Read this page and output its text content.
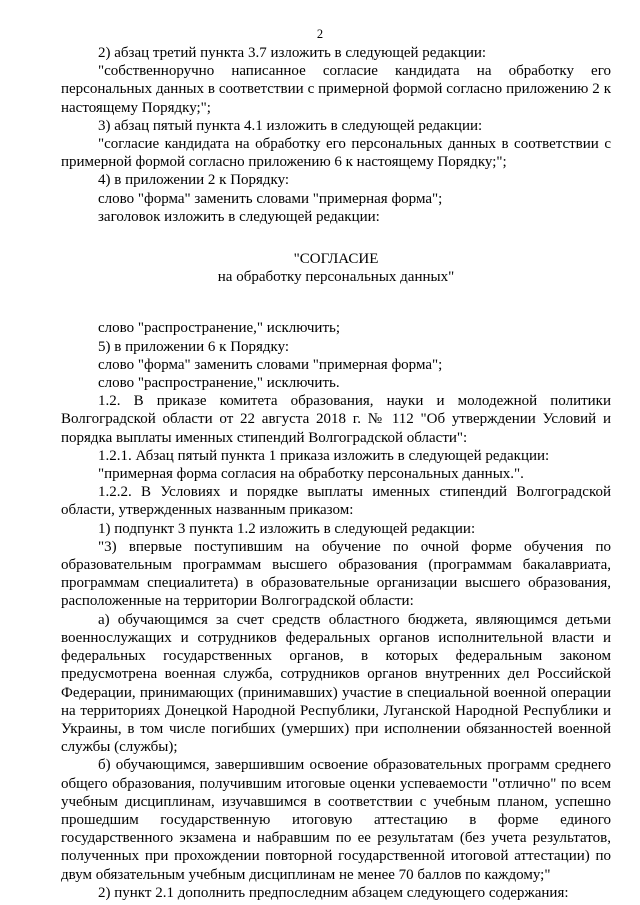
2

2) абзац третий пункта 3.7 изложить в следующей редакции:

"собственноручно написанное согласие кандидата на обработку его персональных данных в соответствии с примерной формой согласно приложению 2 к настоящему Порядку;";

3) абзац пятый пункта 4.1 изложить в следующей редакции:

"согласие кандидата на обработку его персональных данных в соответствии с примерной формой согласно приложению 6 к настоящему Порядку;";

4) в приложении 2 к Порядку:

слово "форма" заменить словами "примерная форма";

заголовок изложить в следующей редакции:

"СОГЛАСИЕ

на обработку персональных данных"

слово "распространение," исключить;

5) в приложении 6 к Порядку:

слово "форма" заменить словами "примерная форма";

слово "распространение," исключить.

1.2. В приказе комитета образования, науки и молодежной политики Волгоградской области от 22 августа 2018 г. № 112 "Об утверждении Условий и порядка выплаты именных стипендий Волгоградской области":

1.2.1. Абзац пятый пункта 1 приказа изложить в следующей редакции:

"примерная форма согласия на обработку персональных данных.".

1.2.2. В Условиях и порядке выплаты именных стипендий Волгоградской области, утвержденных названным приказом:

1) подпункт 3 пункта 1.2 изложить в следующей редакции:

"3) впервые поступившим на обучение по очной форме обучения по образовательным программам высшего образования (программам бакалавриата, программам специалитета) в образовательные организации высшего образования, расположенные на территории Волгоградской области:

а) обучающимся за счет средств областного бюджета, являющимся детьми военнослужащих и сотрудников федеральных органов исполнительной власти и федеральных государственных органов, в которых федеральным законом предусмотрена военная служба, сотрудников органов внутренних дел Российской Федерации, принимающих (принимавших) участие в специальной военной операции на территориях Донецкой Народной Республики, Луганской Народной Республики и Украины, в том числе погибших (умерших) при исполнении обязанностей военной службы (службы);

б) обучающимся, завершившим освоение образовательных программ среднего общего образования, получившим итоговые оценки успеваемости "отлично" по всем учебным дисциплинам, изучавшимся в соответствии с учебным планом, успешно прошедшим государственную итоговую аттестацию в форме единого государственного экзамена и набравшим по ее результатам (без учета результатов, полученных при прохождении повторной государственной итоговой аттестации) по двум обязательным учебным дисциплинам не менее 70 баллов по каждому;"

2) пункт 2.1 дополнить предпоследним абзацем следующего содержания:
